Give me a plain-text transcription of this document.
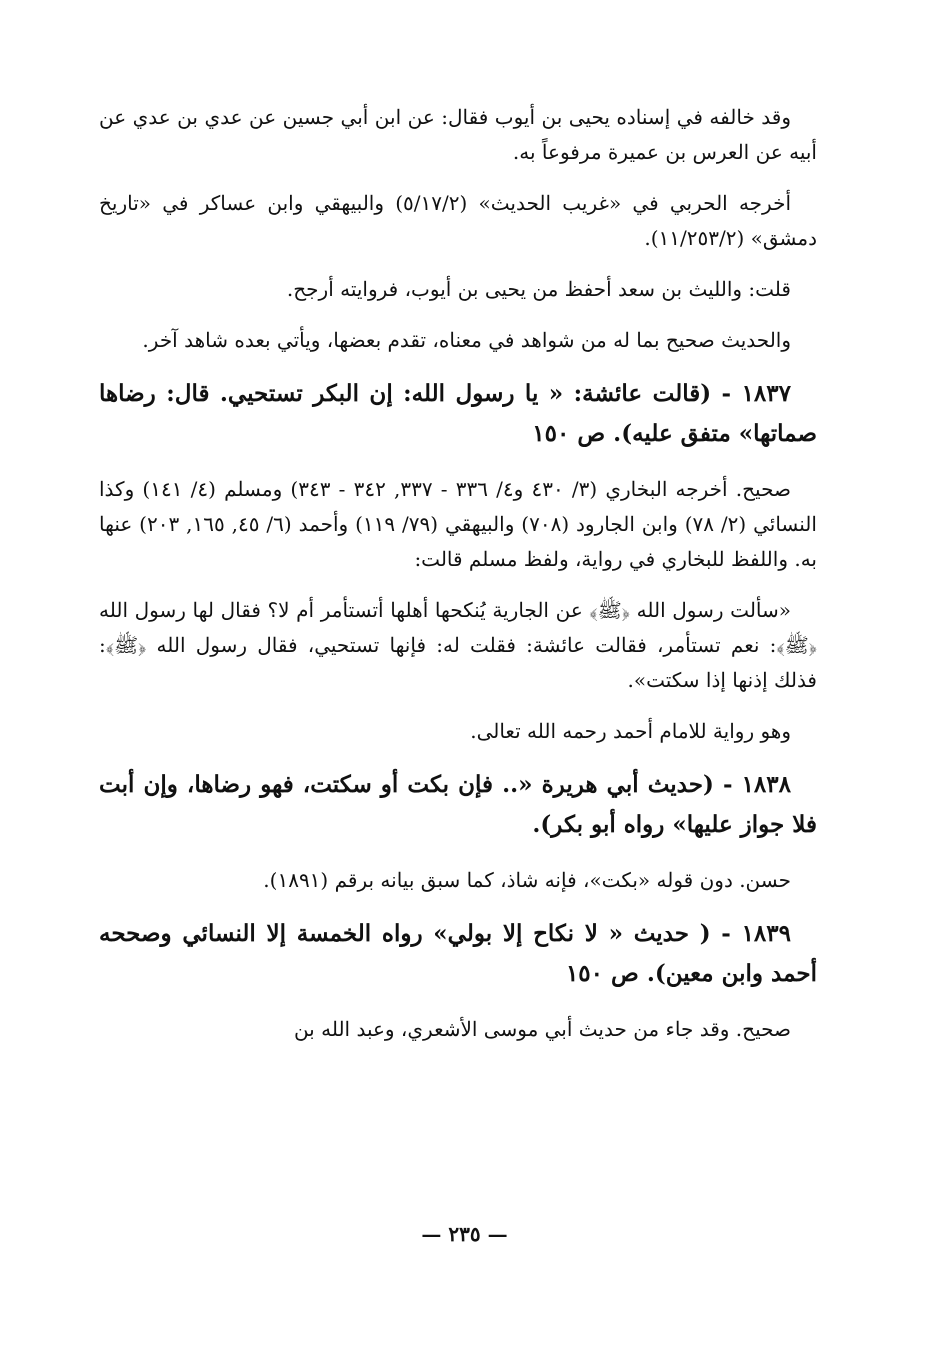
وقد خالفه في إسناده يحيى بن أيوب فقال: عن ابن أبي جسين عن عدي بن عدي عن أبيه عن العرس بن عميرة مرفوعاً به.

أخرجه الحربي في «غريب الحديث» (٥/١٧/٢) والبيهقي وابن عساكر في «تاريخ دمشق» (١١/٢٥٣/٢).

قلت: والليث بن سعد أحفظ من يحيى بن أيوب، فروايته أرجح.

والحديث صحيح بما له من شواهد في معناه، تقدم بعضها، ويأتي بعده شاهد آخر.

١٨٣٧ - (قالت عائشة: « يا رسول الله: إن البكر تستحيي. قال: رضاها صماتها» متفق عليه). ص ١٥٠

صحيح. أخرجه البخاري (٣/ ٤٣٠ و٤/ ٣٣٦ - ٣٣٧, ٣٤٢ - ٣٤٣) ومسلم (٤/ ١٤١) وكذا النسائي (٢/ ٧٨) وابن الجارود (٧٠٨) والبيهقي (٧٩/ ١١٩) وأحمد (٦/ ٤٥, ١٦٥, ٢٠٣) عنها به. واللفظ للبخاري في رواية، ولفظ مسلم قالت:

«سألت رسول الله ﴿ﷺ﴾ عن الجارية يُنكحها أهلها أتستأمر أم لا؟ فقال لها رسول الله ﴿ﷺ﴾: نعم تستأمر، فقالت عائشة: فقلت له: فإنها تستحيي، فقال رسول الله ﴿ﷺ﴾: فذلك إذنها إذا سكتت».

وهو رواية للامام أحمد رحمه الله تعالى.

١٨٣٨ - (حديث أبي هريرة «.. فإن بكت أو سكتت، فهو رضاها، وإن أبت فلا جواز عليها» رواه أبو بكر).

حسن. دون قوله «بكت»، فإنه شاذ، كما سبق بيانه برقم (١٨٩١).

١٨٣٩ - ( حديث « لا نكاح إلا بولي» رواه الخمسة إلا النسائي وصححه أحمد وابن معين). ص ١٥٠

صحيح. وقد جاء من حديث أبي موسى الأشعري، وعبد الله بن

— ٢٣٥ —
